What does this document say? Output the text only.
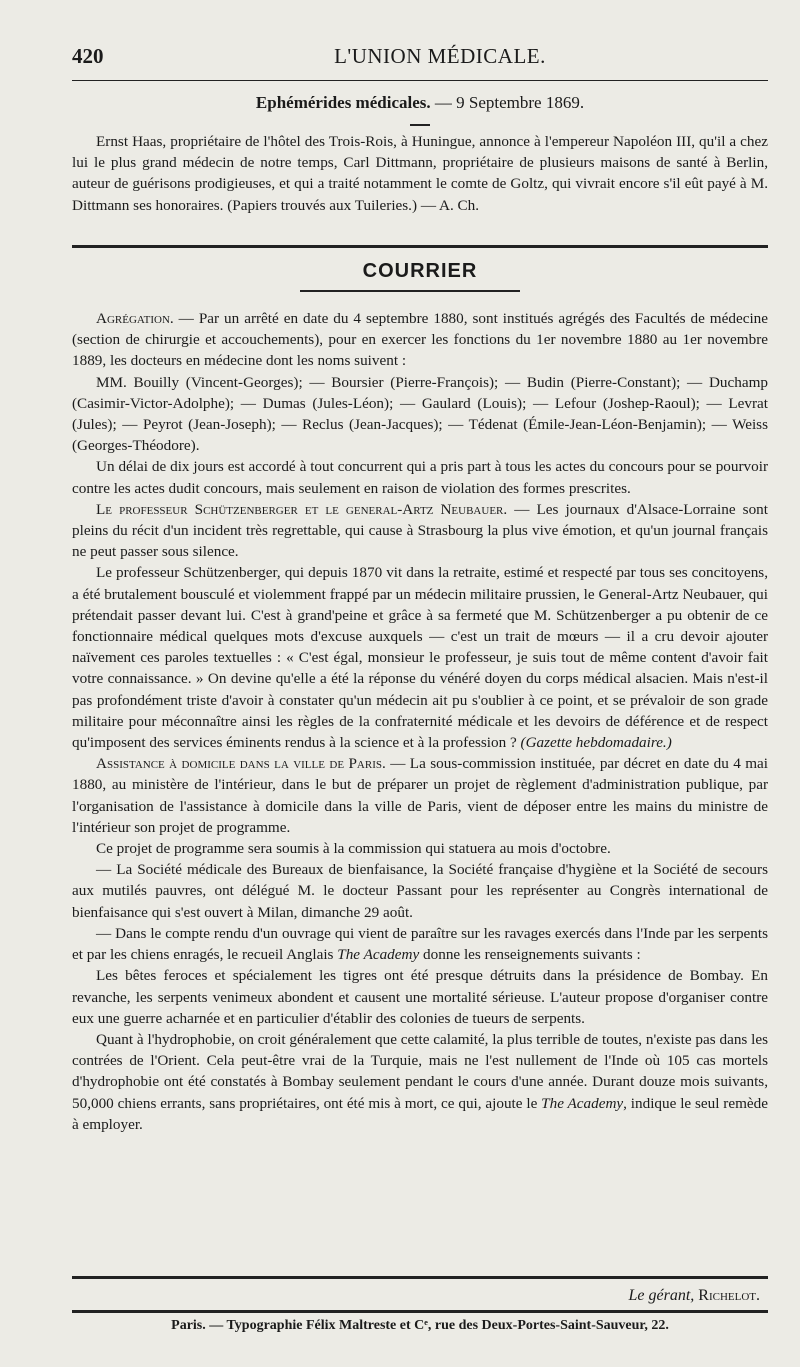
420	L'UNION MÉDICALE.
Ephémérides médicales. — 9 Septembre 1869.

Ernst Haas, propriétaire de l'hôtel des Trois-Rois, à Huningue, annonce à l'empereur Napoléon III, qu'il a chez lui le plus grand médecin de notre temps, Carl Dittmann, propriétaire de plusieurs maisons de santé à Berlin, auteur de guérisons prodigieuses, et qui a traité notamment le comte de Goltz, qui vivrait encore s'il eût payé à M. Dittmann ses honoraires. (Papiers trouvés aux Tuileries.) — A. Ch.

COURRIER

Agrégation. — Par un arrêté en date du 4 septembre 1880, sont institués agrégés des Facultés de médecine (section de chirurgie et accouchements), pour en exercer les fonctions du 1er novembre 1880 au 1er novembre 1889, les docteurs en médecine dont les noms suivent :

MM. Bouilly (Vincent-Georges); — Boursier (Pierre-François); — Budin (Pierre-Constant); — Duchamp (Casimir-Victor-Adolphe); — Dumas (Jules-Léon); — Gaulard (Louis); — Lefour (Joshep-Raoul); — Levrat (Jules); — Peyrot (Jean-Joseph); — Reclus (Jean-Jacques); — Tédenat (Émile-Jean-Léon-Benjamin); — Weiss (Georges-Théodore).

Un délai de dix jours est accordé à tout concurrent qui a pris part à tous les actes du concours pour se pourvoir contre les actes dudit concours, mais seulement en raison de violation des formes prescrites.

Le professeur Schützenberger et le general-Artz Neubauer. — Les journaux d'Alsace-Lorraine sont pleins du récit d'un incident très regrettable, qui cause à Strasbourg la plus vive émotion, et qu'un journal français ne peut passer sous silence.

Le professeur Schützenberger, qui depuis 1870 vit dans la retraite, estimé et respecté par tous ses concitoyens, a été brutalement bousculé et violemment frappé par un médecin militaire prussien, le General-Artz Neubauer, qui prétendait passer devant lui. C'est à grand'peine et grâce à sa fermeté que M. Schützenberger a pu obtenir de ce fonctionnaire médical quelques mots d'excuse auxquels — c'est un trait de mœurs — il a cru devoir ajouter naïvement ces paroles textuelles : « C'est égal, monsieur le professeur, je suis tout de même content d'avoir fait votre connaissance. » On devine qu'elle a été la réponse du vénéré doyen du corps médical alsacien. Mais n'est-il pas profondément triste d'avoir à constater qu'un médecin ait pu s'oublier à ce point, et se prévaloir de son grade militaire pour méconnaître ainsi les règles de la confraternité médicale et les devoirs de déférence et de respect qu'imposent des services éminents rendus à la science et à la profession ? (Gazette hebdomadaire.)

Assistance à domicile dans la ville de Paris. — La sous-commission instituée, par décret en date du 4 mai 1880, au ministère de l'intérieur, dans le but de préparer un projet de règlement d'administration publique, par l'organisation de l'assistance à domicile dans la ville de Paris, vient de déposer entre les mains du ministre de l'intérieur son projet de programme.

Ce projet de programme sera soumis à la commission qui statuera au mois d'octobre.

— La Société médicale des Bureaux de bienfaisance, la Société française d'hygiène et la Société de secours aux mutilés pauvres, ont délégué M. le docteur Passant pour les représenter au Congrès international de bienfaisance qui s'est ouvert à Milan, dimanche 29 août.

— Dans le compte rendu d'un ouvrage qui vient de paraître sur les ravages exercés dans l'Inde par les serpents et par les chiens enragés, le recueil Anglais The Academy donne les renseignements suivants :

Les bêtes feroces et spécialement les tigres ont été presque détruits dans la présidence de Bombay. En revanche, les serpents venimeux abondent et causent une mortalité sérieuse. L'auteur propose d'organiser contre eux une guerre acharnée et en particulier d'établir des colonies de tueurs de serpents.

Quant à l'hydrophobie, on croit généralement que cette calamité, la plus terrible de toutes, n'existe pas dans les contrées de l'Orient. Cela peut-être vrai de la Turquie, mais ne l'est nullement de l'Inde où 105 cas mortels d'hydrophobie ont été constatés à Bombay seulement pendant le cours d'une année. Durant douze mois suivants, 50,000 chiens errants, sans propriétaires, ont été mis à mort, ce qui, ajoute le The Academy, indique le seul remède à employer.

Le gérant, Richelot.
Paris. — Typographie Félix Maltreste et Cᵉ, rue des Deux-Portes-Saint-Sauveur, 22.
